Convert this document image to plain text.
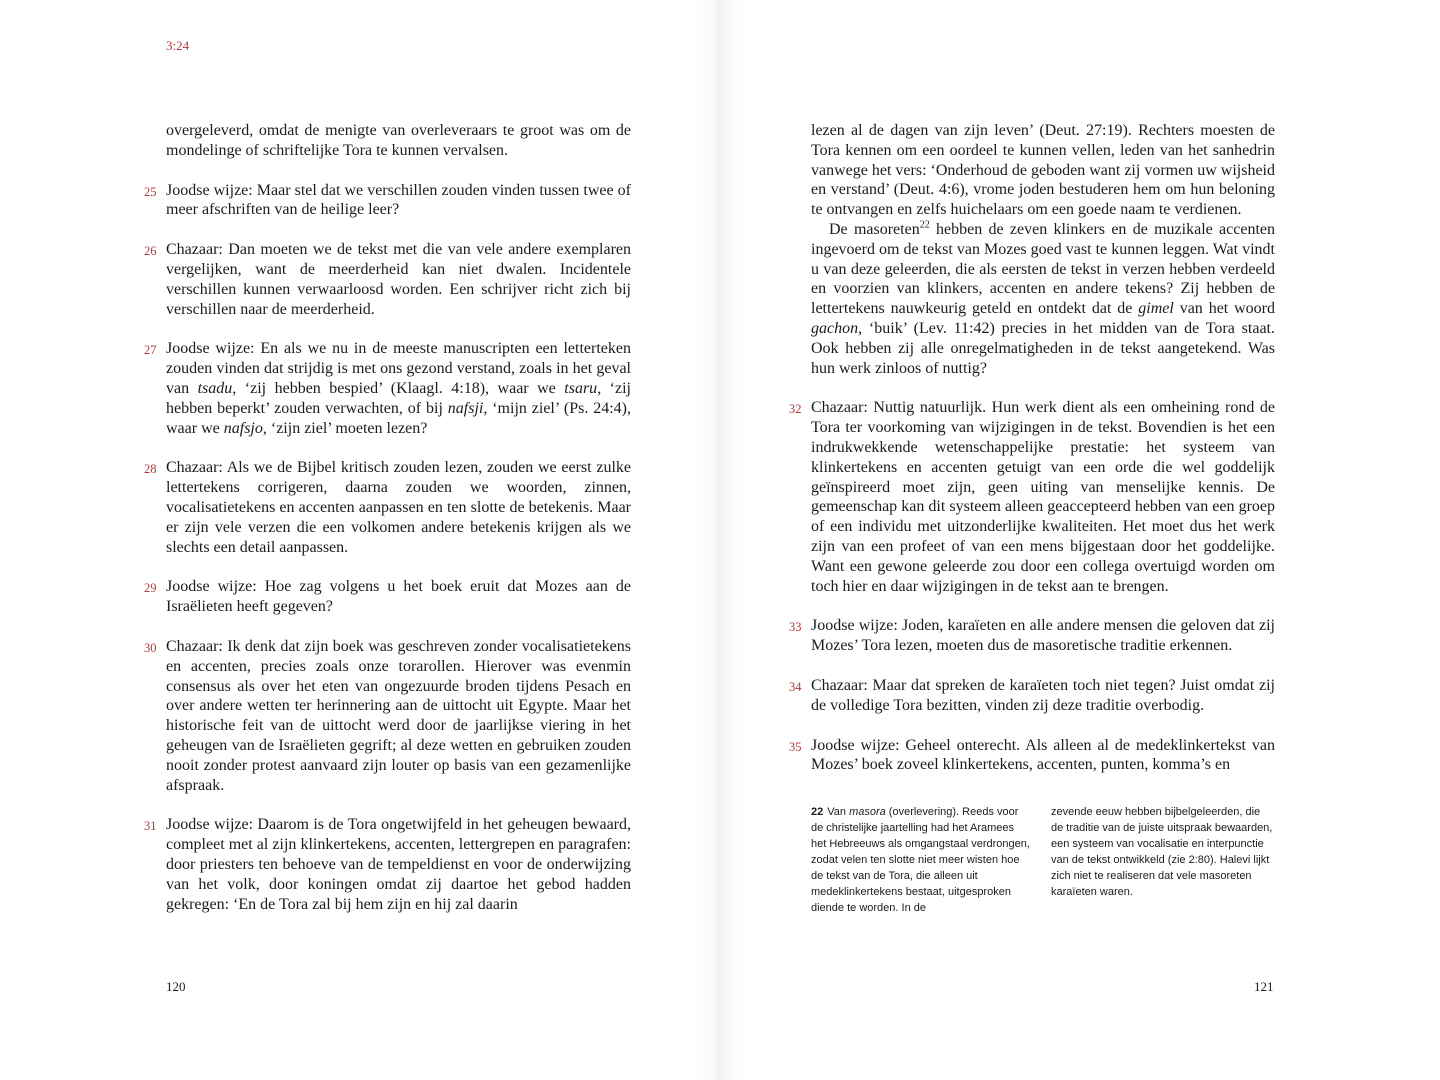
3:24

overgeleverd, omdat de menigte van overleveraars te groot was om de mondelinge of schriftelijke Tora te kunnen vervalsen.

25 Joodse wijze: Maar stel dat we verschillen zouden vinden tussen twee of meer afschriften van de heilige leer?

26 Chazaar: Dan moeten we de tekst met die van vele andere exemplaren vergelijken, want de meerderheid kan niet dwalen. Incidentele verschillen kunnen verwaarloosd worden. Een schrijver richt zich bij verschillen naar de meerderheid.

27 Joodse wijze: En als we nu in de meeste manuscripten een letterteken zouden vinden dat strijdig is met ons gezond verstand, zoals in het geval van tsadu, ‘zij hebben bespied’ (Klaagl. 4:18), waar we tsaru, ‘zij hebben beperkt’ zouden verwachten, of bij nafsji, ‘mijn ziel’ (Ps. 24:4), waar we nafsjo, ‘zijn ziel’ moeten lezen?

28 Chazaar: Als we de Bijbel kritisch zouden lezen, zouden we eerst zulke lettertekens corrigeren, daarna zouden we woorden, zinnen, vocalisatietekens en accenten aanpassen en ten slotte de betekenis. Maar er zijn vele verzen die een volkomen andere betekenis krijgen als we slechts een detail aanpassen.

29 Joodse wijze: Hoe zag volgens u het boek eruit dat Mozes aan de Israëlieten heeft gegeven?

30 Chazaar: Ik denk dat zijn boek was geschreven zonder vocalisatietekens en accenten, precies zoals onze torarollen. Hierover was evenmin consensus als over het eten van ongezuurde broden tijdens Pesach en over andere wetten ter herinnering aan de uittocht uit Egypte. Maar het historische feit van de uittocht werd door de jaarlijkse viering in het geheugen van de Israëlieten gegrift; al deze wetten en gebruiken zouden nooit zonder protest aanvaard zijn louter op basis van een gezamenlijke afspraak.

31 Joodse wijze: Daarom is de Tora ongetwijfeld in het geheugen bewaard, compleet met al zijn klinkertekens, accenten, lettergrepen en paragrafen: door priesters ten behoeve van de tempeldienst en voor de onderwijzing van het volk, door koningen omdat zij daartoe het gebod hadden gekregen: ‘En de Tora zal bij hem zijn en hij zal daarin

120

lezen al de dagen van zijn leven’ (Deut. 27:19). Rechters moesten de Tora kennen om een oordeel te kunnen vellen, leden van het sanhedrin vanwege het vers: ‘Onderhoud de geboden want zij vormen uw wijsheid en verstand’ (Deut. 4:6), vrome joden bestuderen hem om hun beloning te ontvangen en zelfs huichelaars om een goede naam te verdienen.

De masoreten$^{22}$ hebben de zeven klinkers en de muzikale accenten ingevoerd om de tekst van Mozes goed vast te kunnen leggen. Wat vindt u van deze geleerden, die als eersten de tekst in verzen hebben verdeeld en voorzien van klinkers, accenten en andere tekens? Zij hebben de lettertekens nauwkeurig geteld en ontdekt dat de gimel van het woord gachon, ‘buik’ (Lev. 11:42) precies in het midden van de Tora staat. Ook hebben zij alle onregelmatigheden in de tekst aangetekend. Was hun werk zinloos of nuttig?

32 Chazaar: Nuttig natuurlijk. Hun werk dient als een omheining rond de Tora ter voorkoming van wijzigingen in de tekst. Bovendien is het een indrukwekkende wetenschappelijke prestatie: het systeem van klinkertekens en accenten getuigt van een orde die wel goddelijk geïnspireerd moet zijn, geen uiting van menselijke kennis. De gemeenschap kan dit systeem alleen geaccepteerd hebben van een groep of een individu met uitzonderlijke kwaliteiten. Het moet dus het werk zijn van een profeet of van een mens bijgestaan door het goddelijke. Want een gewone geleerde zou door een collega overtuigd worden om toch hier en daar wijzigingen in de tekst aan te brengen.

33 Joodse wijze: Joden, karaïeten en alle andere mensen die geloven dat zij Mozes’ Tora lezen, moeten dus de masoretische traditie erkennen.

34 Chazaar: Maar dat spreken de karaïeten toch niet tegen? Juist omdat zij de volledige Tora bezitten, vinden zij deze traditie overbodig.

35 Joodse wijze: Geheel onterecht. Als alleen al de medeklinkertekst van Mozes’ boek zoveel klinkertekens, accenten, punten, komma’s en

22 Van masora (overlevering). Reeds voor de christelijke jaartelling had het Aramees het Hebreeuws als omgangstaal verdrongen, zodat velen ten slotte niet meer wisten hoe de tekst van de Tora, die alleen uit medeklinkertekens bestaat, uitgesproken diende te worden. In de
zevende eeuw hebben bijbelgeleerden, die de traditie van de juiste uitspraak bewaarden, een systeem van vocalisatie en interpunctie van de tekst ontwikkeld (zie 2:80). Halevi lijkt zich niet te realiseren dat vele masoreten karaïeten waren.
121
